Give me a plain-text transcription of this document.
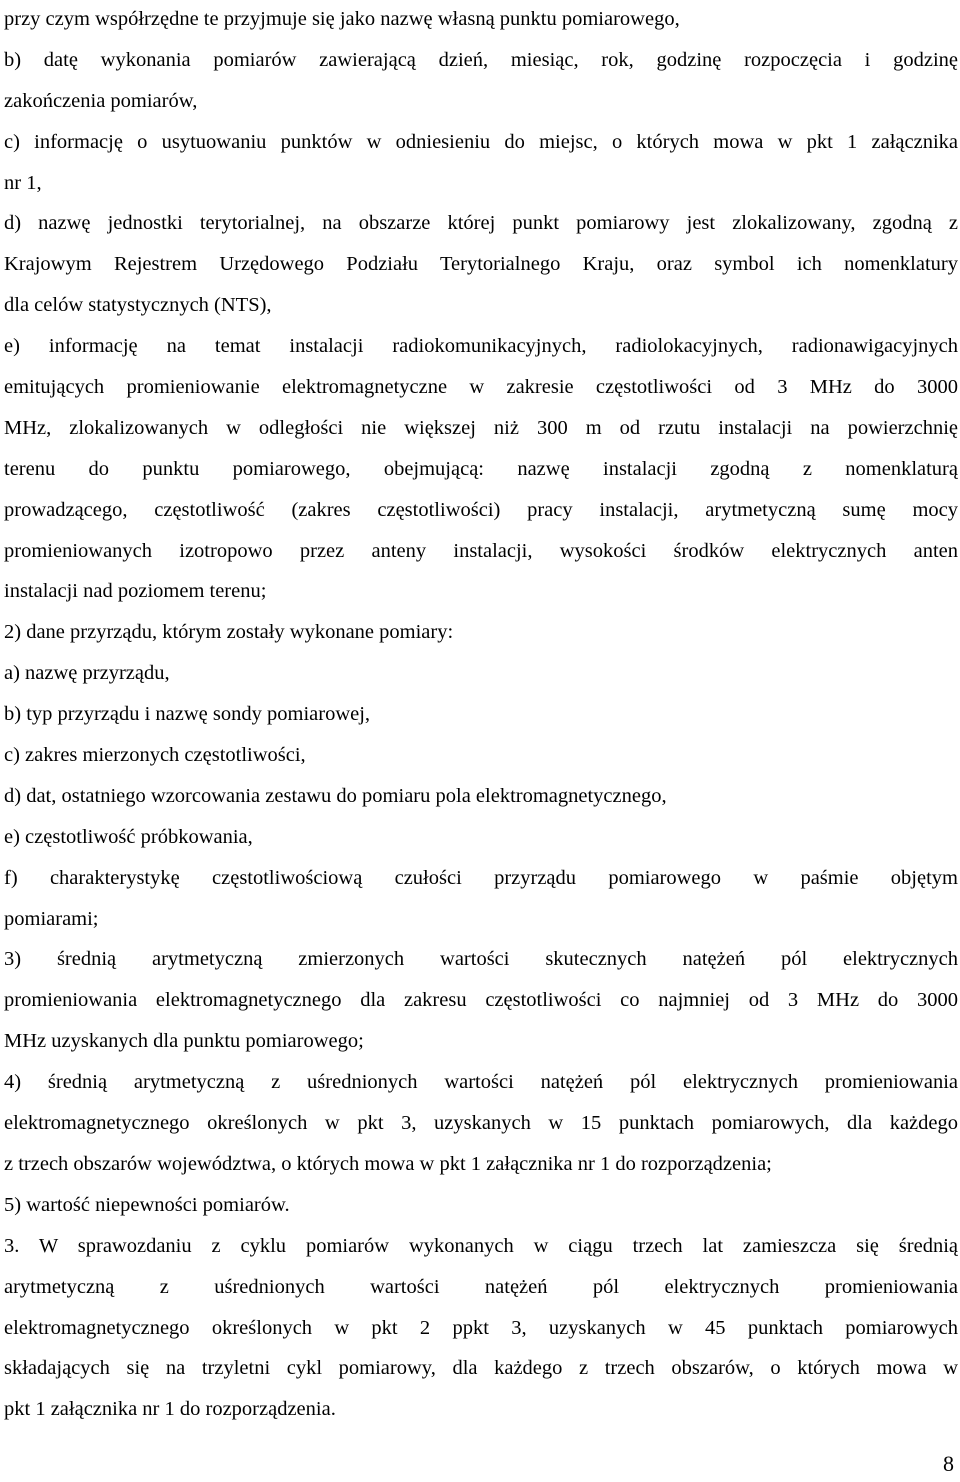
przy czym współrzędne te przyjmuje się jako nazwę własną punktu pomiarowego,
b) datę wykonania pomiarów zawierającą dzień, miesiąc, rok, godzinę rozpoczęcia i godzinę
zakończenia pomiarów,
c) informację o usytuowaniu punktów w odniesieniu do miejsc, o których mowa w pkt 1 załącznika
nr 1,
d) nazwę jednostki terytorialnej, na obszarze której punkt pomiarowy jest zlokalizowany, zgodną z
Krajowym Rejestrem Urzędowego Podziału Terytorialnego Kraju, oraz symbol ich nomenklatury
dla celów statystycznych (NTS),
e) informację na temat instalacji radiokomunikacyjnych, radiolokacyjnych, radionawigacyjnych
emitujących promieniowanie elektromagnetyczne w zakresie częstotliwości od 3 MHz do 3000
MHz, zlokalizowanych w odległości nie większej niż 300 m od rzutu instalacji na powierzchnię
terenu do punktu pomiarowego, obejmującą: nazwę instalacji zgodną z nomenklaturą
prowadzącego, częstotliwość (zakres częstotliwości) pracy instalacji, arytmetyczną sumę mocy
promieniowanych izotropowo przez anteny instalacji, wysokości środków elektrycznych anten
instalacji nad poziomem terenu;
2) dane przyrządu, którym zostały wykonane pomiary:
a) nazwę przyrządu,
b) typ przyrządu i nazwę sondy pomiarowej,
c) zakres mierzonych częstotliwości,
d) dat, ostatniego wzorcowania zestawu do pomiaru pola elektromagnetycznego,
e) częstotliwość próbkowania,
f) charakterystykę częstotliwościową czułości przyrządu pomiarowego w paśmie objętym
pomiarami;
3) średnią arytmetyczną zmierzonych wartości skutecznych natężeń pól elektrycznych
promieniowania elektromagnetycznego dla zakresu częstotliwości co najmniej od 3 MHz do 3000
MHz uzyskanych dla punktu pomiarowego;
4) średnią arytmetyczną z uśrednionych wartości natężeń pól elektrycznych promieniowania
elektromagnetycznego określonych w pkt 3, uzyskanych w 15 punktach pomiarowych, dla każdego
z trzech obszarów województwa, o których mowa w pkt 1 załącznika nr 1 do rozporządzenia;
5) wartość niepewności pomiarów.
3. W sprawozdaniu z cyklu pomiarów wykonanych w ciągu trzech lat zamieszcza się średnią
arytmetyczną z uśrednionych wartości natężeń pól elektrycznych promieniowania
elektromagnetycznego określonych w pkt 2 ppkt 3, uzyskanych w 45 punktach pomiarowych
składających się na trzyletni cykl pomiarowy, dla każdego z trzech obszarów, o których mowa w
pkt 1 załącznika nr 1 do rozporządzenia.
8
